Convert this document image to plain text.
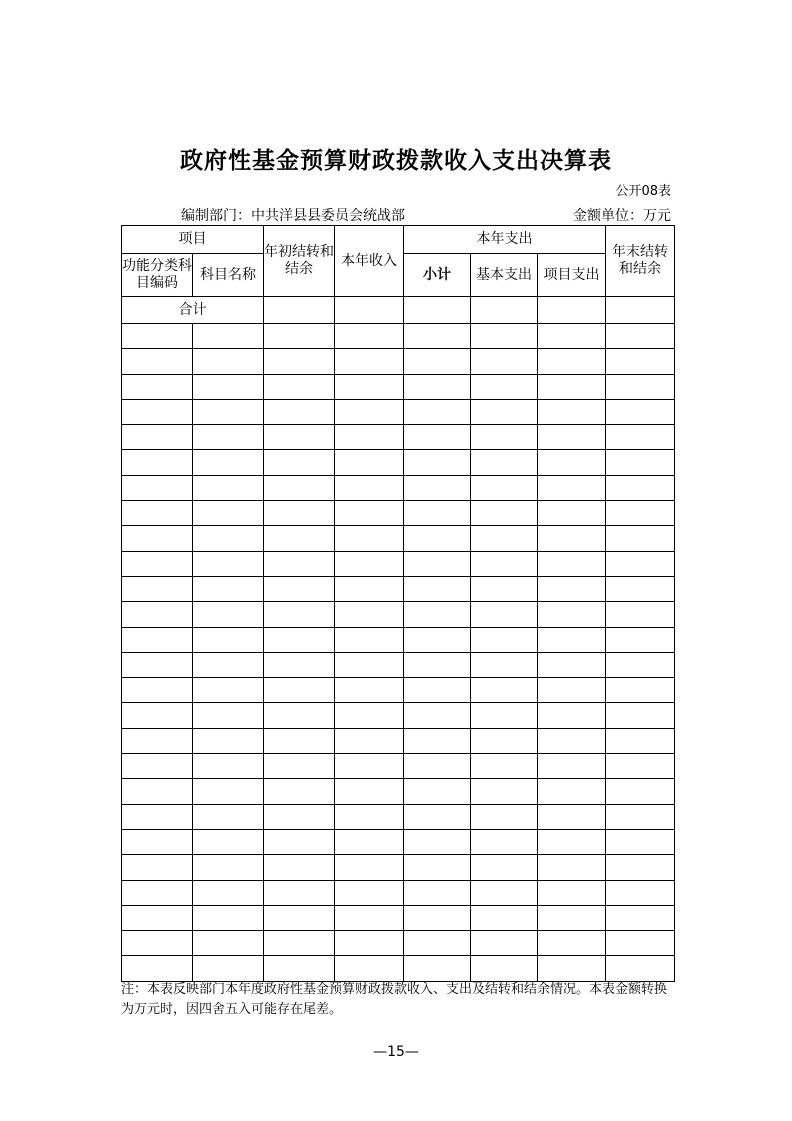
政府性基金预算财政拨款收入支出决算表
公开08表
编制部门：中共洋县县委员会统战部	金额单位：万元
项目		年初结转和结余	本年收入	本年支出			年末结转和结余
功能分类科目编码	科目名称			小计	基本支出	项目支出	
合计							

注：本表反映部门本年度政府性基金预算财政拨款收入、支出及结转和结余情况。本表金额转换为万元时，因四舍五入可能存在尾差。
—15—
